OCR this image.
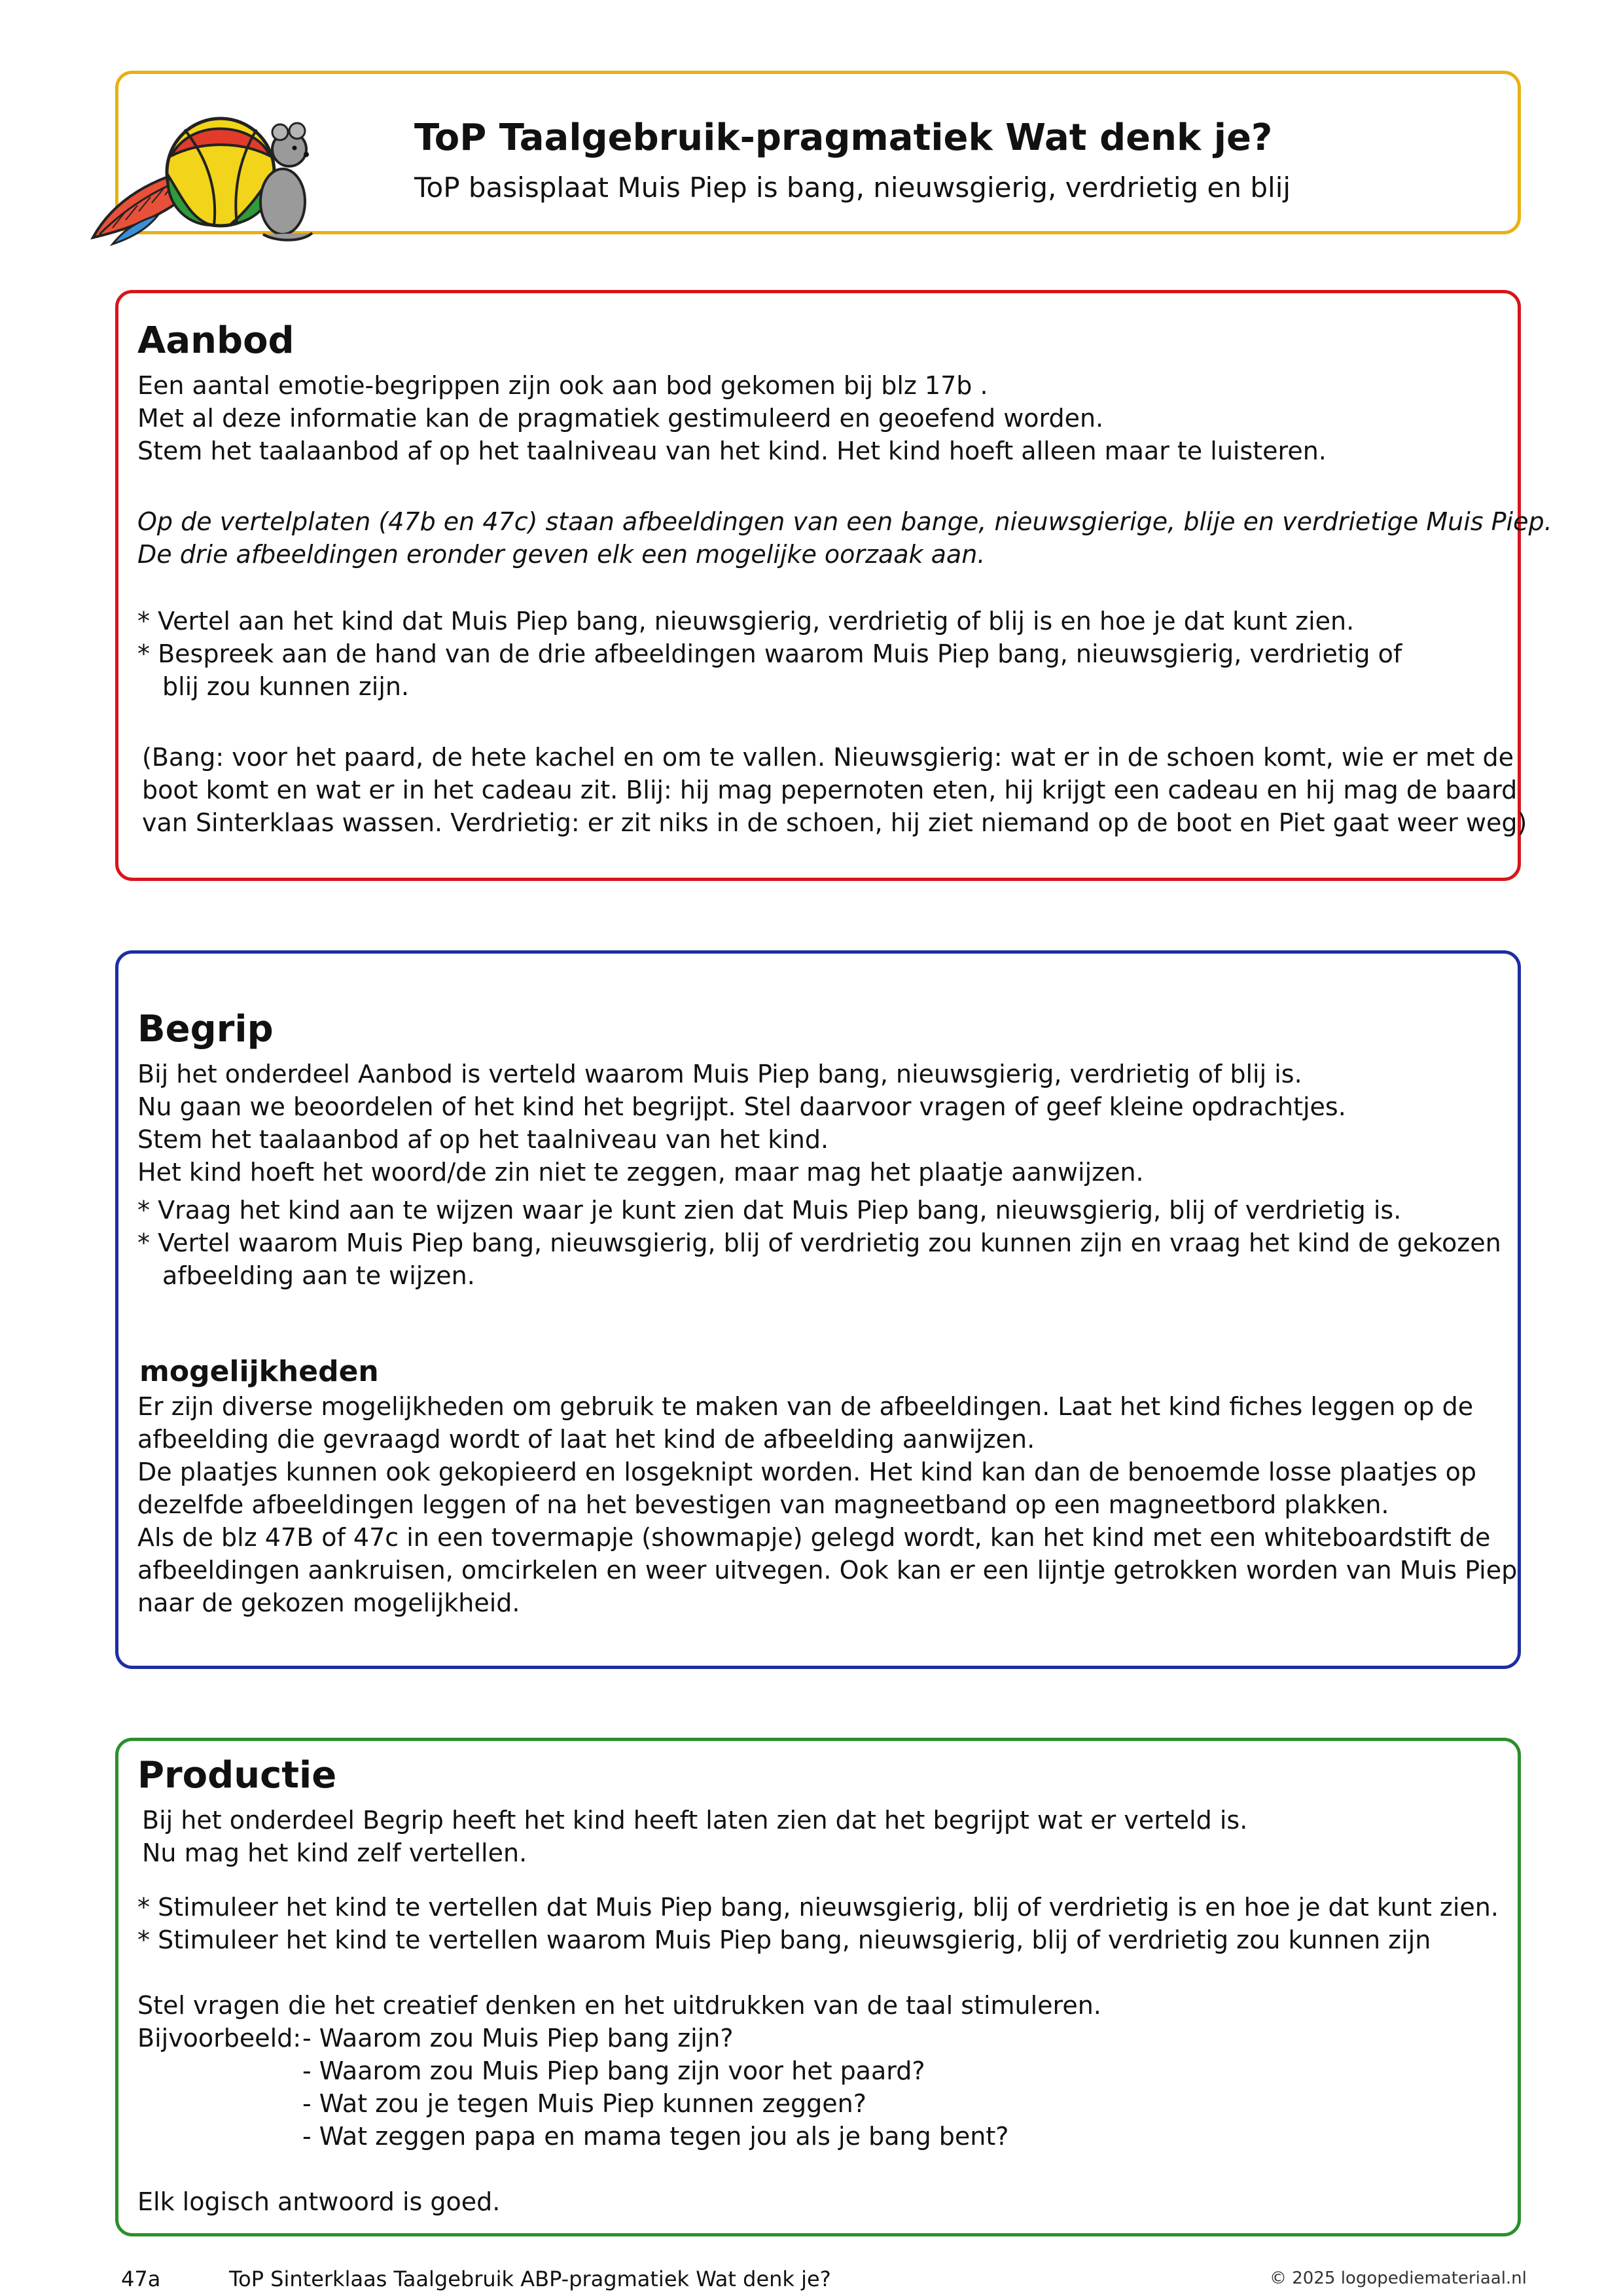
ToP Taalgebruik-pragmatiek Wat denk je?
ToP basisplaat Muis Piep is bang, nieuwsgierig, verdrietig en blij
Aanbod
Een aantal emotie-begrippen zijn ook aan bod gekomen bij blz 17b .
Met al deze informatie kan de pragmatiek gestimuleerd en geoefend worden.
Stem het taalaanbod af op het taalniveau van het kind. Het kind hoeft alleen maar te luisteren.
Op de vertelplaten (47b en 47c) staan afbeeldingen van een bange, nieuwsgierige, blije en verdrietige Muis Piep.
De drie afbeeldingen eronder geven elk een mogelijke oorzaak aan.
* Vertel aan het kind dat Muis Piep bang, nieuwsgierig, verdrietig of blij is en hoe je dat kunt zien.
* Bespreek aan de hand van de drie afbeeldingen waarom Muis Piep bang, nieuwsgierig, verdrietig of
blij zou kunnen zijn.
(Bang: voor het paard, de hete kachel en om te vallen. Nieuwsgierig: wat er in de schoen komt, wie er met de
boot komt en wat er in het cadeau zit. Blij: hij mag pepernoten eten, hij krijgt een cadeau en hij mag de baard
van Sinterklaas wassen. Verdrietig: er zit niks in de schoen, hij ziet niemand op de boot en Piet gaat weer weg)
Begrip
Bij het onderdeel Aanbod is verteld waarom Muis Piep bang, nieuwsgierig, verdrietig of blij is.
Nu gaan we beoordelen of het kind het begrijpt. Stel daarvoor vragen of geef kleine opdrachtjes.
Stem het taalaanbod af op het taalniveau van het kind.
Het kind hoeft het woord/de zin niet te zeggen, maar mag het plaatje aanwijzen.
* Vraag het kind aan te wijzen waar je kunt zien dat Muis Piep bang, nieuwsgierig, blij of verdrietig is.
* Vertel waarom Muis Piep bang, nieuwsgierig, blij of verdrietig zou kunnen zijn en vraag het kind de gekozen
afbeelding aan te wijzen.
mogelijkheden
Er zijn diverse mogelijkheden om gebruik te maken van de afbeeldingen. Laat het kind fiches leggen op de
afbeelding die gevraagd wordt of laat het kind de afbeelding aanwijzen.
De plaatjes kunnen ook gekopieerd en losgeknipt worden. Het kind kan dan de benoemde losse plaatjes op
dezelfde afbeeldingen leggen of na het bevestigen van magneetband op een magneetbord plakken.
Als de blz 47B of 47c in een tovermapje (showmapje) gelegd wordt, kan het kind met een whiteboardstift de
afbeeldingen aankruisen, omcirkelen en weer uitvegen. Ook kan er een lijntje getrokken worden van Muis Piep
naar de gekozen mogelijkheid.
Productie
Bij het onderdeel Begrip heeft het kind heeft laten zien dat het begrijpt wat er verteld is.
Nu mag het kind zelf vertellen.
* Stimuleer het kind te vertellen dat Muis Piep bang, nieuwsgierig, blij of verdrietig is en hoe je dat kunt zien.
* Stimuleer het kind te vertellen waarom Muis Piep bang, nieuwsgierig, blij of verdrietig zou kunnen zijn
Stel vragen die het creatief denken en het uitdrukken van de taal stimuleren.
Bijvoorbeeld: - Waarom zou Muis Piep bang zijn?
- Waarom zou Muis Piep bang zijn voor het paard?
- Wat zou je tegen Muis Piep kunnen zeggen?
- Wat zeggen papa en mama tegen jou als je bang bent?
Elk logisch antwoord is goed.
47a	ToP Sinterklaas Taalgebruik ABP-pragmatiek Wat denk je?	© 2025 logopediemateriaal.nl
